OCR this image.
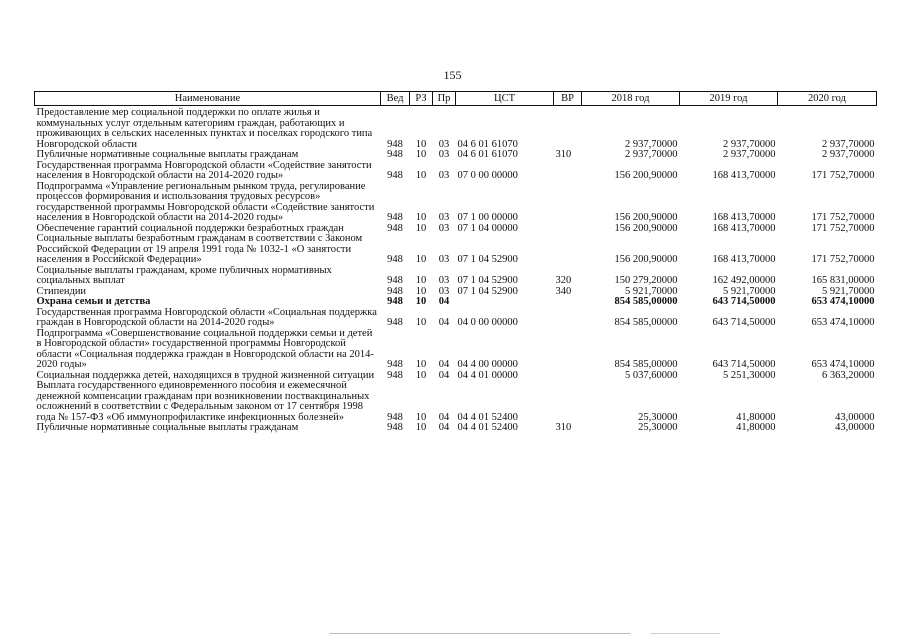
155
Наименование	Вед	РЗ	Пр	ЦСТ	ВР	2018 год	2019 год	2020 год
Предоставление мер социальной поддержки по оплате жилья и коммунальных услуг отдельным категориям граждан, работающих и проживающих в сельских населенных пунктах и поселках городского типа Новгородской области	948	10	03	04 6 01 61070		2 937,70000	2 937,70000	2 937,70000
Публичные нормативные социальные выплаты гражданам	948	10	03	04 6 01 61070	310	2 937,70000	2 937,70000	2 937,70000
Государственная программа Новгородской области «Содействие занятости населения в Новгородской области на 2014-2020 годы»	948	10	03	07 0 00 00000		156 200,90000	168 413,70000	171 752,70000
Подпрограмма «Управление региональным рынком труда, регулирование процессов формирования и использования трудовых ресурсов» государственной программы Новгородской области «Содействие занятости населения в Новгородской области на 2014-2020 годы»	948	10	03	07 1 00 00000		156 200,90000	168 413,70000	171 752,70000
Обеспечение гарантий социальной поддержки безработных граждан	948	10	03	07 1 04 00000		156 200,90000	168 413,70000	171 752,70000
Социальные выплаты безработным гражданам в соответствии с Законом Российской Федерации от 19 апреля 1991 года № 1032-1 «О занятости населения в Российской Федерации»	948	10	03	07 1 04 52900		156 200,90000	168 413,70000	171 752,70000
Социальные выплаты гражданам, кроме публичных нормативных социальных выплат	948	10	03	07 1 04 52900	320	150 279,20000	162 492,00000	165 831,00000
Стипендии	948	10	03	07 1 04 52900	340	5 921,70000	5 921,70000	5 921,70000
Охрана семьи и детства	948	10	04			854 585,00000	643 714,50000	653 474,10000
Государственная программа Новгородской области «Социальная поддержка граждан в Новгородской области на 2014-2020 годы»	948	10	04	04 0 00 00000		854 585,00000	643 714,50000	653 474,10000
Подпрограмма «Совершенствование социальной поддержки семьи и детей в Новгородской области» государственной программы Новгородской области «Социальная поддержка граждан в Новгородской области на 2014-2020 годы»	948	10	04	04 4 00 00000		854 585,00000	643 714,50000	653 474,10000
Социальная поддержка детей, находящихся в трудной жизненной ситуации	948	10	04	04 4 01 00000		5 037,60000	5 251,30000	6 363,20000
Выплата государственного единовременного пособия и ежемесячной денежной компенсации гражданам при возникновении поствакцинальных осложнений в соответствии с Федеральным законом от 17 сентября 1998 года № 157-ФЗ «Об иммунопрофилактике инфекционных болезней»	948	10	04	04 4 01 52400		25,30000	41,80000	43,00000
Публичные нормативные социальные выплаты гражданам	948	10	04	04 4 01 52400	310	25,30000	41,80000	43,00000
